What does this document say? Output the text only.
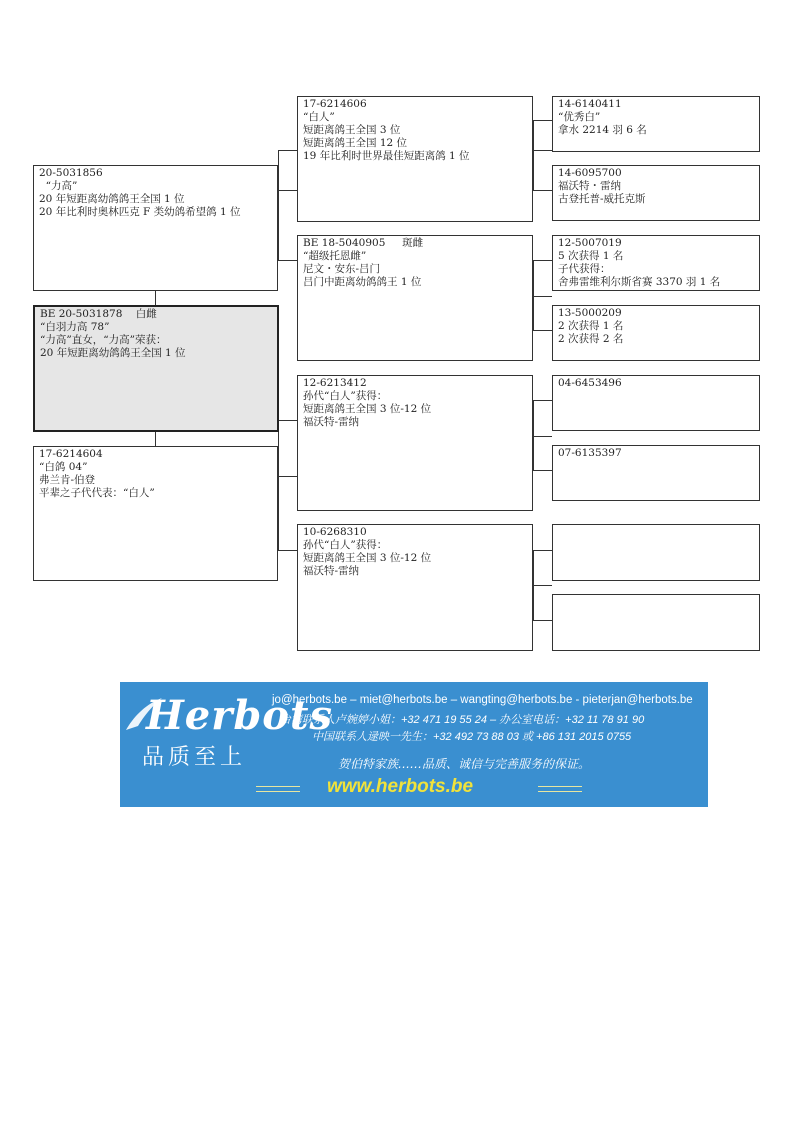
20-5031856
“力高”
20 年短距离幼鸽鸽王全国 1 位
20 年比利时奥林匹克 F 类幼鸽希望鸽 1 位
BE 20-5031878    白雌
“白羽力高 78”
“力高”直女，“力高”荣获：
20 年短距离幼鸽鸽王全国 1 位
17-6214604
“白鸽 04”
弗兰肯-伯登
平辈之子代代表：“白人”
17-6214606
“白人”
短距离鸽王全国 3 位
短距离鸽王全国 12 位
19 年比利时世界最佳短距离鸽 1 位
BE 18-5040905     斑雌
“超级托恩雌”
尼文・安东-吕门
吕门中距离幼鸽鸽王 1 位
12-6213412
孙代“白人”获得：
短距离鸽王全国 3 位-12 位
福沃特-雷纳
10-6268310
孙代“白人”获得：
短距离鸽王全国 3 位-12 位
福沃特-雷纳
14-6140411
“优秀白”
拿水 2214 羽 6 名
14-6095700
福沃特・雷纳
古登托普-威托克斯
12-5007019
5 次获得 1 名
子代获得：
舍弗雷维利尔斯省赛 3370 羽 1 名
13-5000209
2 次获得 1 名
2 次获得 2 名
04-6453496
07-6135397
Herbots
品质至上
jo@herbots.be – miet@herbots.be – wangting@herbots.be - pieterjan@herbots.be
台湾联系人卢婉婷小姐：+32 471 19 55 24 – 办公室电话：+32 11 78 91 90
中国联系人逯映一先生：+32 492 73 88 03 或 +86 131 2015 0755
贺伯特家族……品质、诚信与完善服务的保证。
www.herbots.be
